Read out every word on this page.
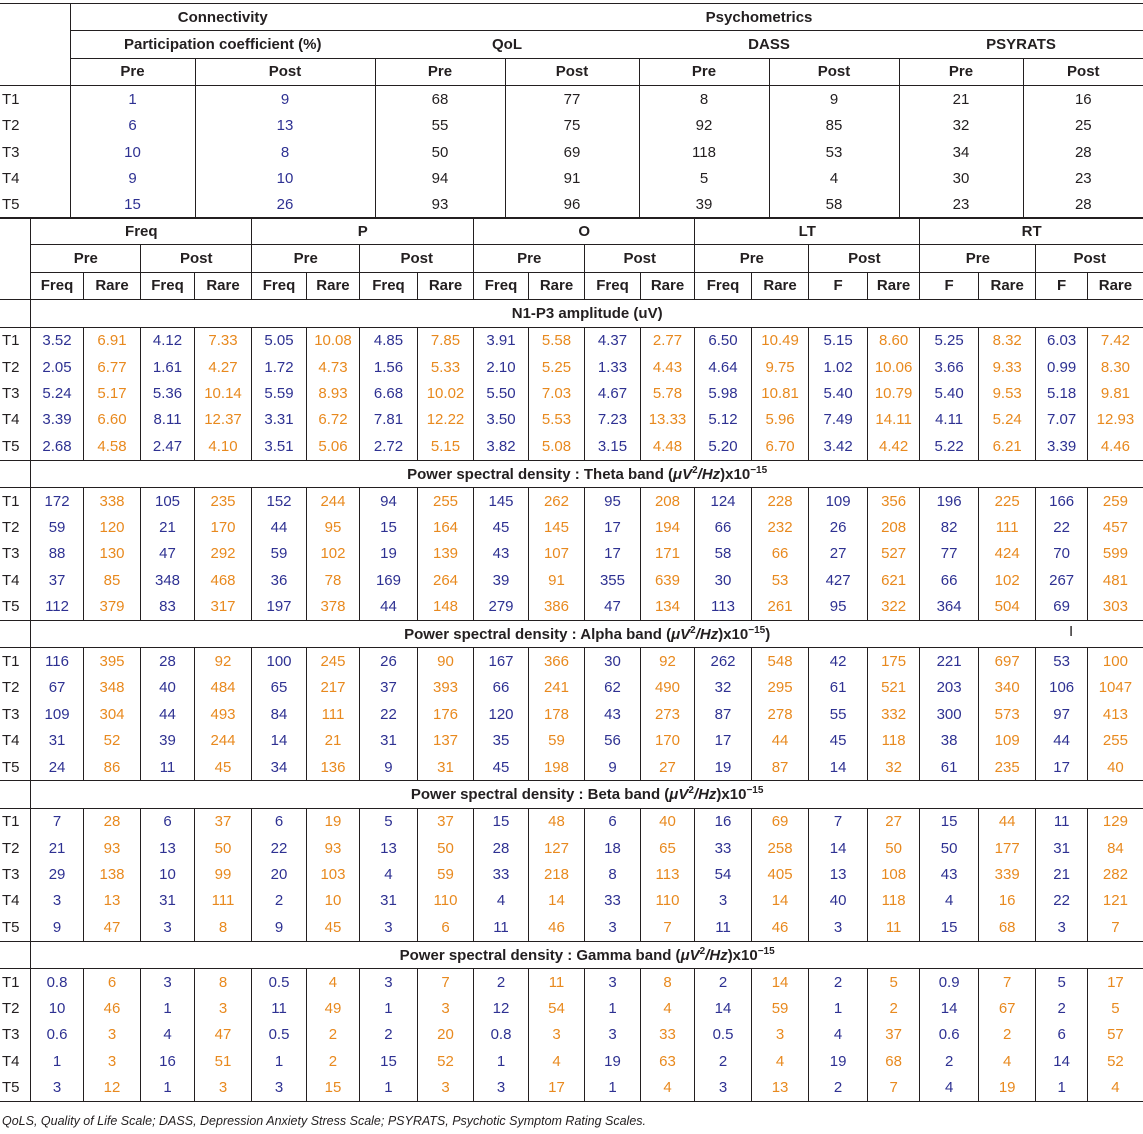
	Connectivity		Psychometrics					
	Participation coefficient (%)		QoL		DASS		PSYRATS	
	Pre	Post	Pre	Post	Pre	Post	Pre	Post
T1	1	9	68	77	8	9	21	16
T2	6	13	55	75	92	85	32	25
T3	10	8	50	69	118	53	34	28
T4	9	10	94	91	5	4	30	23
T5	15	26	93	96	39	58	23	28
	Freq				P				O				LT				RT			
	Pre		Post		Pre		Post		Pre		Post		Pre		Post		Pre		Post	
	Freq	Rare	Freq	Rare	Freq	Rare	Freq	Rare	Freq	Rare	Freq	Rare	Freq	Rare	F	Rare	F	Rare	F	Rare
	N1-P3 amplitude (uV)																			
T1	3.52	6.91	4.12	7.33	5.05	10.08	4.85	7.85	3.91	5.58	4.37	2.77	6.50	10.49	5.15	8.60	5.25	8.32	6.03	7.42
T2	2.05	6.77	1.61	4.27	1.72	4.73	1.56	5.33	2.10	5.25	1.33	4.43	4.64	9.75	1.02	10.06	3.66	9.33	0.99	8.30
T3	5.24	5.17	5.36	10.14	5.59	8.93	6.68	10.02	5.50	7.03	4.67	5.78	5.98	10.81	5.40	10.79	5.40	9.53	5.18	9.81
T4	3.39	6.60	8.11	12.37	3.31	6.72	7.81	12.22	3.50	5.53	7.23	13.33	5.12	5.96	7.49	14.11	4.11	5.24	7.07	12.93
T5	2.68	4.58	2.47	4.10	3.51	5.06	2.72	5.15	3.82	5.08	3.15	4.48	5.20	6.70	3.42	4.42	5.22	6.21	3.39	4.46
	Power spectral density : Theta band $(\mu V^2/Hz)x10^{-15}$
T1	172	338	105	235	152	244	94	255	145	262	95	208	124	228	109	356	196	225	166	259
T2	59	120	21	170	44	95	15	164	45	145	17	194	66	232	26	208	82	111	22	457
T3	88	130	47	292	59	102	19	139	43	107	17	171	58	66	27	527	77	424	70	599
T4	37	85	348	468	36	78	169	264	39	91	355	639	30	53	427	621	66	102	267	481
T5	112	379	83	317	197	378	44	148	279	386	47	134	113	261	95	322	364	504	69	303
	Power spectral density : Alpha band $(\mu V^2/Hz)x10^{-15}$)																			
T1	116	395	28	92	100	245	26	90	167	366	30	92	262	548	42	175	221	697	53	100
T2	67	348	40	484	65	217	37	393	66	241	62	490	32	295	61	521	203	340	106	1047
T3	109	304	44	493	84	111	22	176	120	178	43	273	87	278	55	332	300	573	97	413
T4	31	52	39	244	14	21	31	137	35	59	56	170	17	44	45	118	38	109	44	255
T5	24	86	11	45	34	136	9	31	45	198	9	27	19	87	14	32	61	235	17	40
	Power spectral density : Beta band $(\mu V^2/Hz)x10^{-15}$
T1	7	28	6	37	6	19	5	37	15	48	6	40	16	69	7	27	15	44	11	129
T2	21	93	13	50	22	93	13	50	28	127	18	65	33	258	14	50	50	177	31	84
T3	29	138	10	99	20	103	4	59	33	218	8	113	54	405	13	108	43	339	21	282
T4	3	13	31	111	2	10	31	110	4	14	33	110	3	14	40	118	4	16	22	121
T5	9	47	3	8	9	45	3	6	11	46	3	7	11	46	3	11	15	68	3	7
	Power spectral density : Gamma band $(\mu V^2/Hz)x10^{-15}$
T1	0.8	6	3	8	0.5	4	3	7	2	11	3	8	2	14	2	5	0.9	7	5	17
T2	10	46	1	3	11	49	1	3	12	54	1	4	14	59	1	2	14	67	2	5
T3	0.6	3	4	47	0.5	2	2	20	0.8	3	3	33	0.5	3	4	37	0.6	2	6	57
T4	1	3	16	51	1	2	15	52	1	4	19	63	2	4	19	68	2	4	14	52
T5	3	12	1	3	3	15	1	3	3	17	1	4	3	13	2	7	4	19	1	4
I
QoLS, Quality of Life Scale; DASS, Depression Anxiety Stress Scale; PSYRATS, Psychotic Symptom Rating Scales.
